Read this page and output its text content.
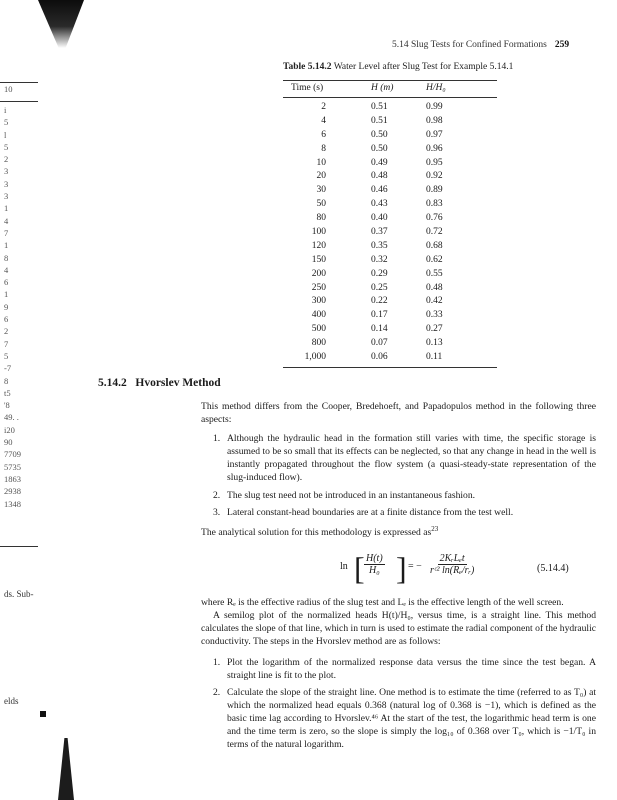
10
i
5
l
5
2
3
3
3
1
4
7
1
8
4
6
1
9
6
2
7
5
-7
8
t5
'8
49. .
i20
90
7709
5735
1863
2938
1348
ds. Sub-
elds
5.14 Slug Tests for Confined Formations 259
Table 5.14.2 Water Level after Slug Test for Example 5.14.1
Time (s)	H (m)	H/H₀
2	0.51	0.99
4	0.51	0.98
6	0.50	0.97
8	0.50	0.96
10	0.49	0.95
20	0.48	0.92
30	0.46	0.89
50	0.43	0.83
80	0.40	0.76
100	0.37	0.72
120	0.35	0.68
150	0.32	0.62
200	0.29	0.55
250	0.25	0.48
300	0.22	0.42
400	0.17	0.33
500	0.14	0.27
800	0.07	0.13
1,000	0.06	0.11
5.14.2 Hvorslev Method
This method differs from the Cooper, Bredehoeft, and Papadopulos method in the following three aspects:
1. Although the hydraulic head in the formation still varies with time, the specific storage is assumed to be so small that its effects can be neglected, so that any change in head in the well is instantly propagated throughout the flow system (a quasi-steady-state representation of the slug-induced flow).
2. The slug test need not be introduced in an instantaneous fashion.
3. Lateral constant-head boundaries are at a finite distance from the test well.
The analytical solution for this methodology is expressed $as^{23}$
ln [ $\frac{H(t)}{\text{H₀}}$ ] = −
2KᵣLₑt
rᶜ² ln(Rₑ/rᵣ)	(5.14.4)
where Rₑ is the effective radius of the slug test and Lₑ is the effective length of the well screen.
A semilog plot of the normalized heads H(t)/H₀, versus time, is a straight line. This method calculates the slope of that line, which in turn is used to estimate the radial component of the hydraulic conductivity. The steps in the Hvorslev method are as follows:
1. Plot the logarithm of the normalized response data versus the time since the test began. A straight line is fit to the plot.
2. Calculate the slope of the straight line. One method is to estimate the time (referred to as T₀) at which the normalized head equals 0.368 (natural log of 0.368 is −1), which is defined as the basic time lag according to Hvorslev.⁴⁶ At the start of the test, the logarithmic head term is one and the time term is zero, so the slope is simply the log₁₀ of 0.368 over T₀, which is −1/T₀ in terms of the natural logarithm.
